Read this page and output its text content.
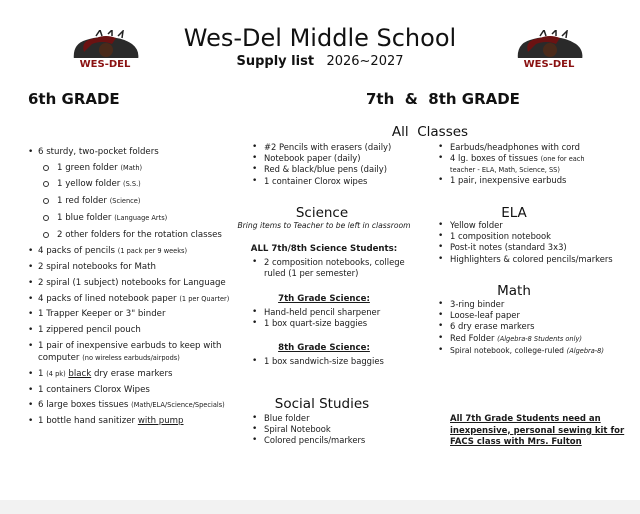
WES-DEL	WES-DEL
Wes-Del Middle School
Supply list 2026~2027
6th GRADE	7th  &  8th GRADE
• 6 sturdy, two-pocket folders
1 green folder (Math)
1 yellow folder (S.S.)
1 red folder (Science)
1 blue folder (Language Arts)
2 other folders for the rotation classes
• 4 packs of pencils (1 pack per 9 weeks)
• 2 spiral notebooks for Math
• 2 spiral (1 subject) notebooks for Language
• 4 packs of lined notebook paper (1 per Quarter)
• 1 Trapper Keeper or 3" binder
• 1 zippered pencil pouch
• 1 pair of inexpensive earbuds to keep with computer (no wireless earbuds/airpods)
• 1 (4 pk) black dry erase markers
• 1 containers Clorox Wipes
• 6 large boxes tissues (Math/ELA/Science/Specials)
• 1 bottle hand sanitizer with pump
All  Classes
• #2 Pencils with erasers (daily)
• Notebook paper (daily)
• Red & black/blue pens (daily)
• 1 container Clorox wipes
• Earbuds/headphones with cord
• 4 lg. boxes of tissues (one for each teacher - ELA, Math, Science, SS)
• 1 pair, inexpensive earbuds
Science
Bring items to Teacher to be left in classroom
ALL 7th/8th Science Students:
• 2 composition notebooks, college ruled (1 per semester)
7th Grade Science:
• Hand-held pencil sharpener
• 1 box quart-size baggies
8th Grade Science:
• 1 box sandwich-size baggies
Social Studies
• Blue folder
• Spiral Notebook
• Colored pencils/markers
ELA
• Yellow folder
• 1 composition notebook
• Post-it notes (standard 3x3)
• Highlighters & colored pencils/markers
Math
• 3-ring binder
• Loose-leaf paper
• 6 dry erase markers
• Red Folder (Algebra-8 Students only)
• Spiral notebook, college-ruled (Algebra-8)
All 7th Grade Students need an inexpensive, personal sewing kit for FACS class with Mrs. Fulton
